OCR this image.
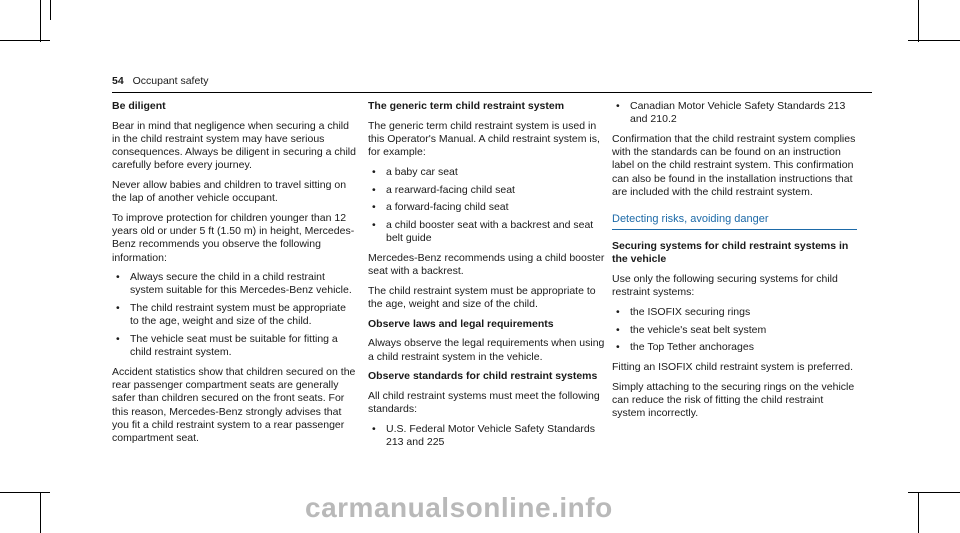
54 Occupant safety

Be diligent

Bear in mind that negligence when securing a child in the child restraint system may have serious consequences. Always be diligent in securing a child carefully before every journey.

Never allow babies and children to travel sitting on the lap of another vehicle occupant.

To improve protection for children younger than 12 years old or under 5 ft (1.50 m) in height, Mercedes-Benz recommends you observe the following information:

• Always secure the child in a child restraint system suitable for this Mercedes-Benz vehicle.
• The child restraint system must be appropriate to the age, weight and size of the child.
• The vehicle seat must be suitable for fitting a child restraint system.

Accident statistics show that children secured on the rear passenger compartment seats are generally safer than children secured on the front seats. For this reason, Mercedes-Benz strongly advises that you fit a child restraint system to a rear passenger compartment seat.

The generic term child restraint system

The generic term child restraint system is used in this Operator's Manual. A child restraint system is, for example:

• a baby car seat
• a rearward-facing child seat
• a forward-facing child seat
• a child booster seat with a backrest and seat belt guide

Mercedes-Benz recommends using a child booster seat with a backrest.

The child restraint system must be appropriate to the age, weight and size of the child.

Observe laws and legal requirements

Always observe the legal requirements when using a child restraint system in the vehicle.

Observe standards for child restraint systems

All child restraint systems must meet the following standards:

• U.S. Federal Motor Vehicle Safety Standards 213 and 225
• Canadian Motor Vehicle Safety Standards 213 and 210.2

Confirmation that the child restraint system complies with the standards can be found on an instruction label on the child restraint system. This confirmation can also be found in the installation instructions that are included with the child restraint system.

Detecting risks, avoiding danger

Securing systems for child restraint systems in the vehicle

Use only the following securing systems for child restraint systems:

• the ISOFIX securing rings
• the vehicle's seat belt system
• the Top Tether anchorages

Fitting an ISOFIX child restraint system is preferred.

Simply attaching to the securing rings on the vehicle can reduce the risk of fitting the child restraint system incorrectly.

carmanualsonline.info
